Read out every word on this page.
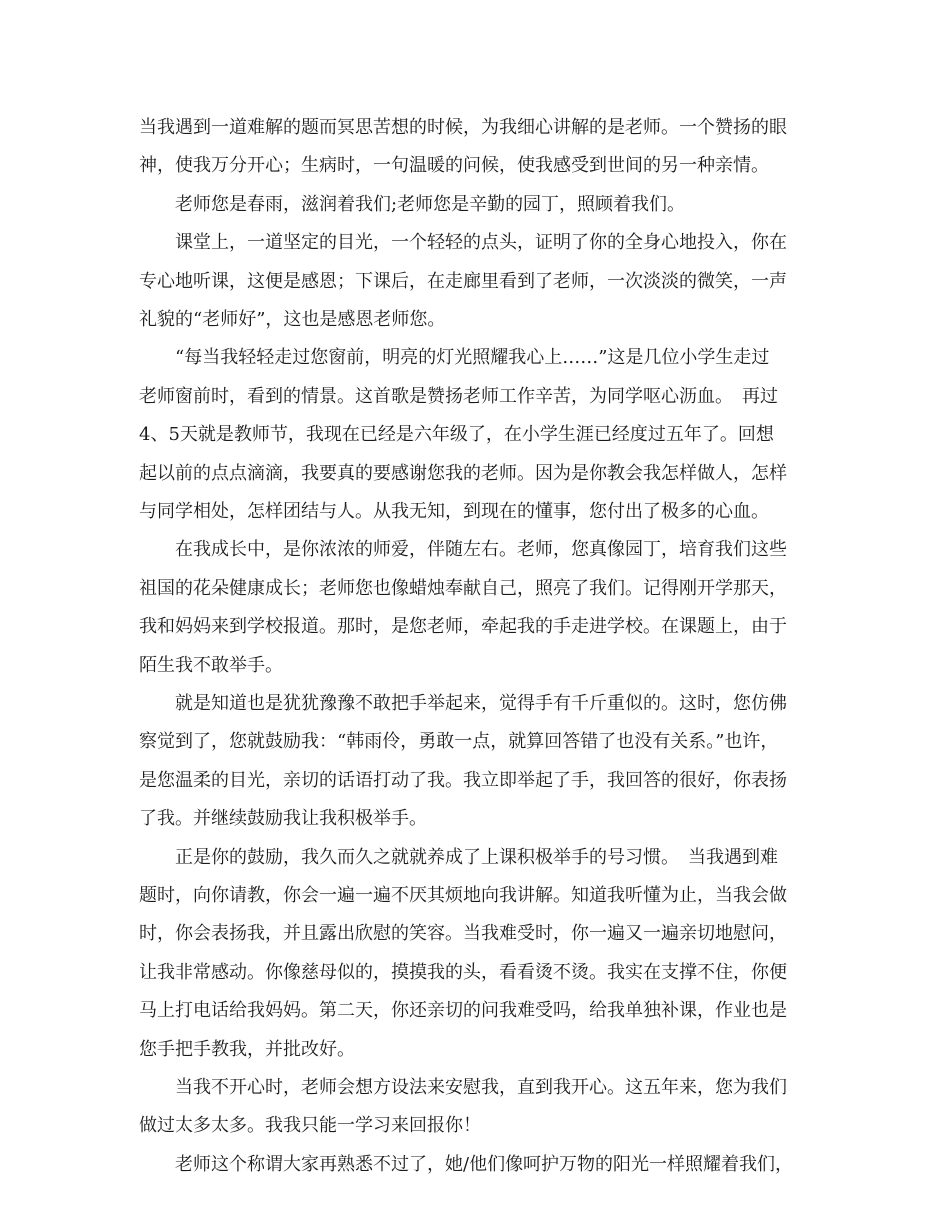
当我遇到一道难解的题而冥思苦想的时候，为我细心讲解的是老师。一个赞扬的眼
神，使我万分开心；生病时，一句温暖的问候，使我感受到世间的另一种亲情。
老师您是春雨，滋润着我们;老师您是辛勤的园丁，照顾着我们。
课堂上，一道坚定的目光，一个轻轻的点头，证明了你的全身心地投入，你在
专心地听课，这便是感恩；下课后，在走廊里看到了老师，一次淡淡的微笑，一声
礼貌的“老师好”，这也是感恩老师您。
“每当我轻轻走过您窗前，明亮的灯光照耀我心上……”这是几位小学生走过
老师窗前时，看到的情景。这首歌是赞扬老师工作辛苦，为同学呕心沥血。　再过
4、5天就是教师节，我现在已经是六年级了，在小学生涯已经度过五年了。回想
起以前的点点滴滴，我要真的要感谢您我的老师。因为是你教会我怎样做人，怎样
与同学相处，怎样团结与人。从我无知，到现在的懂事，您付出了极多的心血。
在我成长中，是你浓浓的师爱，伴随左右。老师，您真像园丁，培育我们这些
祖国的花朵健康成长；老师您也像蜡烛奉献自己，照亮了我们。记得刚开学那天，
我和妈妈来到学校报道。那时，是您老师，牵起我的手走进学校。在课题上，由于
陌生我不敢举手。
就是知道也是犹犹豫豫不敢把手举起来，觉得手有千斤重似的。这时，您仿佛
察觉到了，您就鼓励我：“韩雨伶，勇敢一点，就算回答错了也没有关系。”也许，
是您温柔的目光，亲切的话语打动了我。我立即举起了手，我回答的很好，你表扬
了我。并继续鼓励我让我积极举手。
正是你的鼓励，我久而久之就就养成了上课积极举手的号习惯。　当我遇到难
题时，向你请教，你会一遍一遍不厌其烦地向我讲解。知道我听懂为止，当我会做
时，你会表扬我，并且露出欣慰的笑容。当我难受时，你一遍又一遍亲切地慰问，
让我非常感动。你像慈母似的，摸摸我的头，看看烫不烫。我实在支撑不住，你便
马上打电话给我妈妈。第二天，你还亲切的问我难受吗，给我单独补课，作业也是
您手把手教我，并批改好。
当我不开心时，老师会想方设法来安慰我，直到我开心。这五年来，您为我们
做过太多太多。我我只能一学习来回报你！
老师这个称谓大家再熟悉不过了，她/他们像呵护万物的阳光一样照耀着我们，
